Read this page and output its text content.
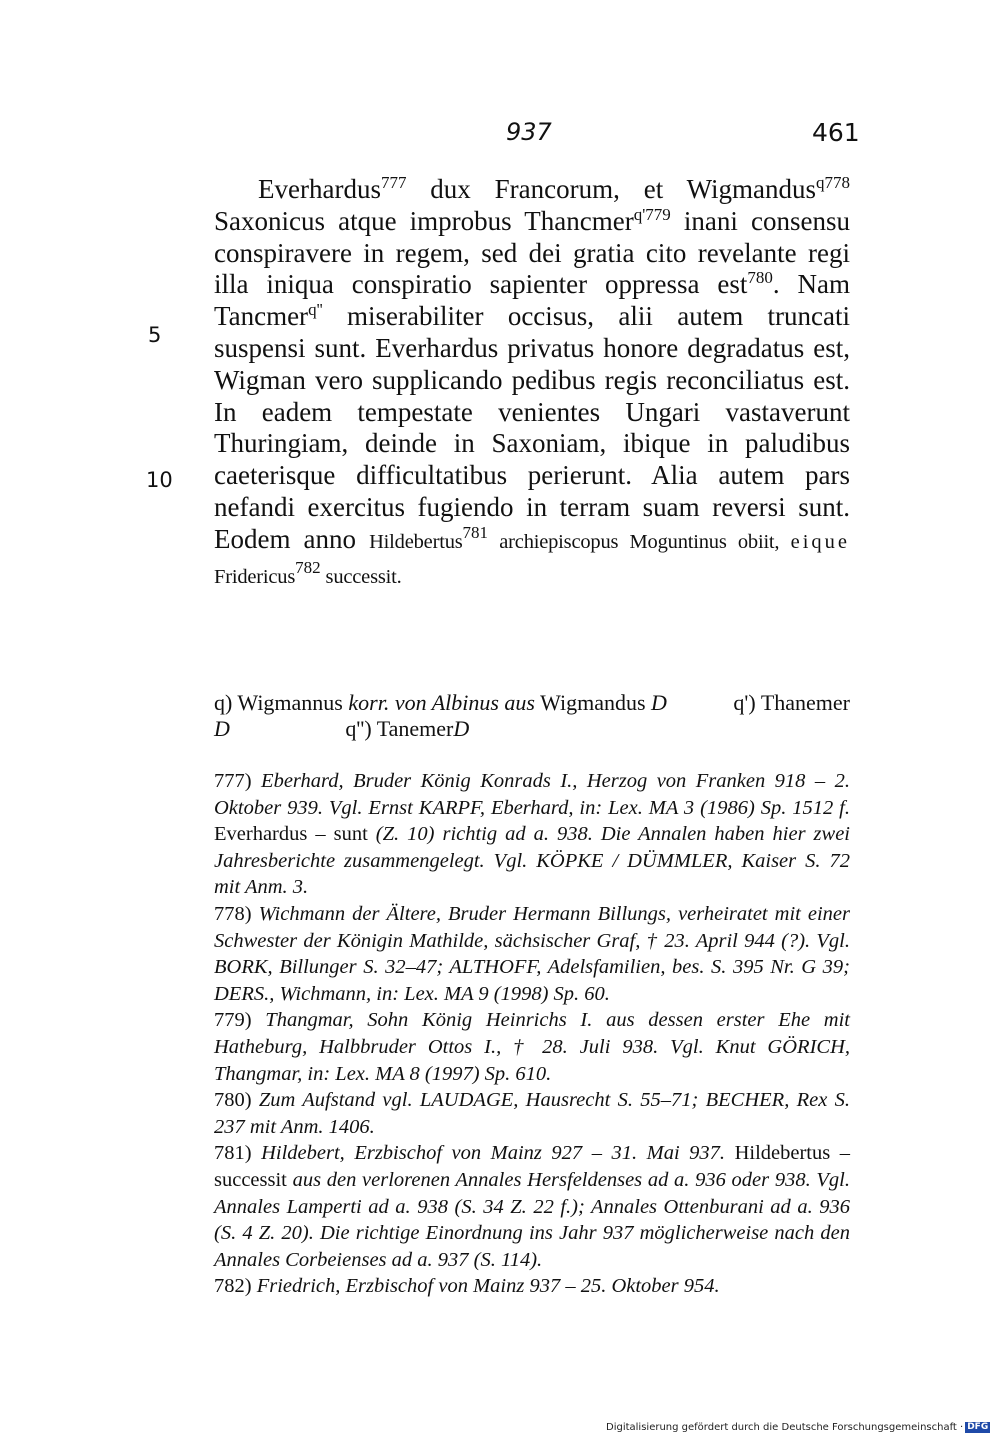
937	461
5
10

Everhardus$^{777}$ dux Francorum, et Wigmandus$^{q778}$ Saxonicus atque improbus Thancmer$^{q'779}$ inani consensu conspiravere in regem, sed dei gratia cito revelante regi illa iniqua conspiratio sapienter oppressa est$^{780}$. Nam Tancmer$^{q''}$ miserabiliter occisus, alii autem truncati suspensi sunt. Everhardus privatus honore degradatus est, Wigman vero supplicando pedibus regis reconciliatus est. In eadem tempestate venientes Ungari vastaverunt Thuringiam, deinde in Saxoniam, ibique in paludibus caeterisque difficultatibus perierunt. Alia autem pars nefandi exercitus fugiendo in terram suam reversi sunt. Eodem anno Hildebertus$^{781}$ archiepiscopus Moguntinus obiit, eique Fridericus$^{782}$ successit.

q) Wigmannus korr. von Albinus aus Wigmandus D	q') Thanemer
D	q'') TanemerD

777) Eberhard, Bruder König Konrads I., Herzog von Franken 918 – 2. Oktober 939. Vgl. Ernst KARPF, Eberhard, in: Lex. MA 3 (1986) Sp. 1512 f. Everhardus – sunt (Z. 10) richtig ad a. 938. Die Annalen haben hier zwei Jahresberichte zusammengelegt. Vgl. KÖPKE / DÜMMLER, Kaiser S. 72 mit Anm. 3.

778) Wichmann der Ältere, Bruder Hermann Billungs, verheiratet mit einer Schwester der Königin Mathilde, sächsischer Graf, † 23. April 944 (?). Vgl. BORK, Billunger S. 32–47; ALTHOFF, Adelsfamilien, bes. S. 395 Nr. G 39; DERS., Wichmann, in: Lex. MA 9 (1998) Sp. 60.

779) Thangmar, Sohn König Heinrichs I. aus dessen erster Ehe mit Hatheburg, Halbbruder Ottos I., † 28. Juli 938. Vgl. Knut GÖRICH, Thangmar, in: Lex. MA 8 (1997) Sp. 610.

780) Zum Aufstand vgl. LAUDAGE, Hausrecht S. 55–71; BECHER, Rex S. 237 mit Anm. 1406.

781) Hildebert, Erzbischof von Mainz 927 – 31. Mai 937. Hildebertus – successit aus den verlorenen Annales Hersfeldenses ad a. 936 oder 938. Vgl. Annales Lamperti ad a. 938 (S. 34 Z. 22 f.); Annales Ottenburani ad a. 936 (S. 4 Z. 20). Die richtige Einordnung ins Jahr 937 möglicherweise nach den Annales Corbeienses ad a. 937 (S. 114).

782) Friedrich, Erzbischof von Mainz 937 – 25. Oktober 954.

Digitalisierung gefördert durch die Deutsche Forschungsgemeinschaft · DFG
